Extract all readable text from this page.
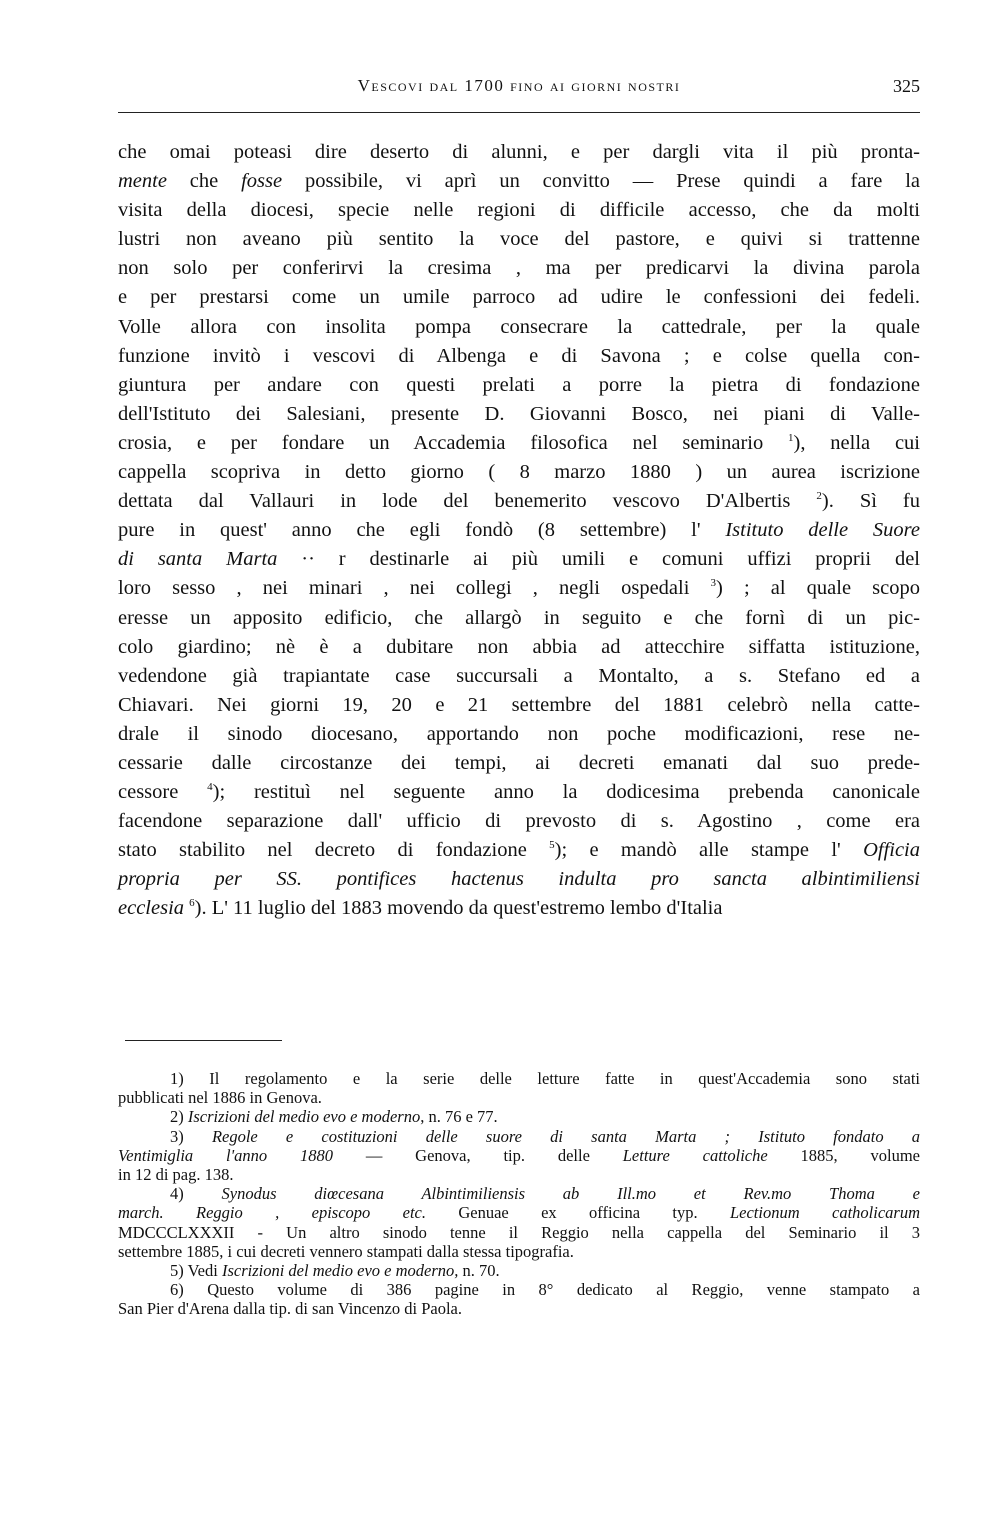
Vescovi dal 1700 fino ai giorni nostri	325
che omai poteasi dire deserto di alunni, e per dargli vita il più pronta-
mente che fosse possibile, vi aprì un convitto — Prese quindi a fare la
visita della diocesi, specie nelle regioni di difficile accesso, che da molti
lustri non aveano più sentito la voce del pastore, e quivi si trattenne
non solo per conferirvi la cresima , ma per predicarvi la divina parola
e per prestarsi come un umile parroco ad udire le confessioni dei fedeli.
Volle allora con insolita pompa consecrare la cattedrale, per la quale
funzione invitò i vescovi di Albenga e di Savona ; e colse quella con-
giuntura per andare con questi prelati a porre la pietra di fondazione
dell'Istituto dei Salesiani, presente D. Giovanni Bosco, nei piani di Valle-
crosia, e per fondare un Accademia filosofica nel seminario $^1$), nella cui
cappella scopriva in detto giorno ( 8 marzo 1880 ) un aurea iscrizione
dettata dal Vallauri in lode del benemerito vescovo D'Albertis $^2$). Sì fu
pure in quest' anno che egli fondò (8 settembre) l' Istituto delle Suore
di santa Marta ·· r destinarle ai più umili e comuni uffizi proprii del
loro sesso , nei minari , nei collegi , negli ospedali $^3$) ; al quale scopo
eresse un apposito edificio, che allargò in seguito e che fornì di un pic-
colo giardino; nè è a dubitare non abbia ad attecchire siffatta istituzione,
vedendone già trapiantate case succursali a Montalto, a s. Stefano ed a
Chiavari. Nei giorni 19, 20 e 21 settembre del 1881 celebrò nella catte-
drale il sinodo diocesano, apportando non poche modificazioni, rese ne-
cessarie dalle circostanze dei tempi, ai decreti emanati dal suo prede-
cessore $^4$); restituì nel seguente anno la dodicesima prebenda canonicale
facendone separazione dall' ufficio di prevosto di s. Agostino , come era
stato stabilito nel decreto di fondazione $^5$); e mandò alle stampe l' Officia
propria per SS. pontifices hactenus indulta pro sancta albintimiliensi
ecclesia $^6$). L' 11 luglio del 1883 movendo da quest'estremo lembo d'Italia
1) Il regolamento e la serie delle letture fatte in quest'Accademia sono stati
pubblicati nel 1886 in Genova.
2) Iscrizioni del medio evo e moderno, n. 76 e 77.
3) Regole e costituzioni delle suore di santa Marta ; Istituto fondato a
Ventimiglia l'anno 1880 — Genova, tip. delle Letture cattoliche 1885, volume
in 12 di pag. 138.
4) Synodus diœcesana Albintimiliensis ab Ill.mo et Rev.mo Thoma e
march. Reggio , episcopo etc. Genuae ex officina typ. Lectionum catholicarum
MDCCCLXXXII - Un altro sinodo tenne il Reggio nella cappella del Seminario il 3
settembre 1885, i cui decreti vennero stampati dalla stessa tipografia.
5) Vedi Iscrizioni del medio evo e moderno, n. 70.
6) Questo volume di 386 pagine in 8° dedicato al Reggio, venne stampato a
San Pier d'Arena dalla tip. di san Vincenzo di Paola.
